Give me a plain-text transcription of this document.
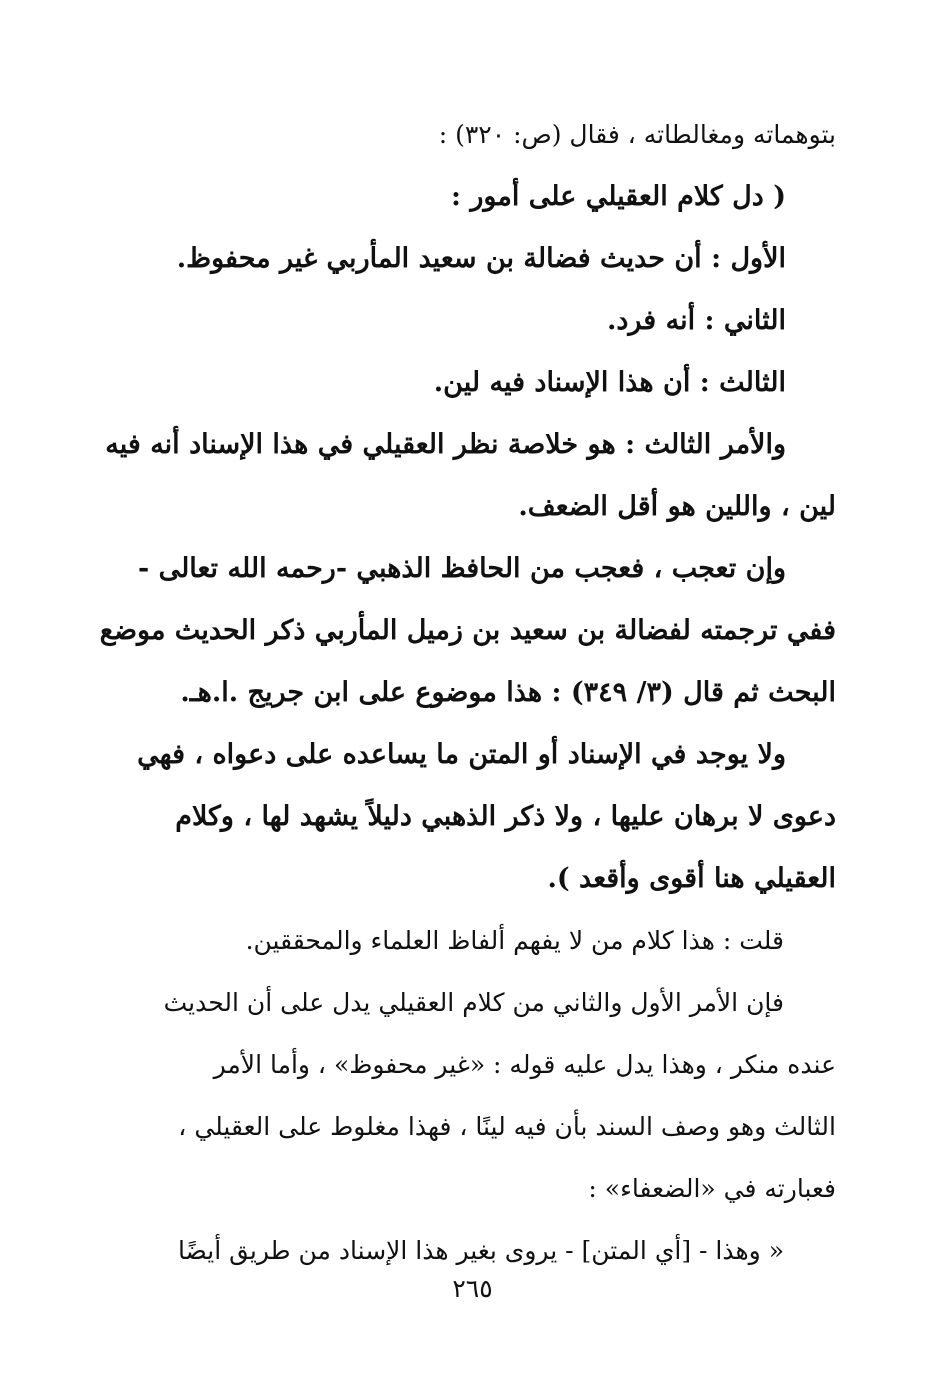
بتوهماته ومغالطاته ، فقال (ص: ٣٢٠) :
( دل كلام العقيلي على أمور :
الأول : أن حديث فضالة بن سعيد المأربي غير محفوظ.
الثاني : أنه فرد.
الثالث : أن هذا الإسناد فيه لين.
والأمر الثالث : هو خلاصة نظر العقيلي في هذا الإسناد أنه فيه
لين ، واللين هو أقل الضعف.
وإن تعجب ، فعجب من الحافظ الذهبي -رحمه الله تعالى -
ففي ترجمته لفضالة بن سعيد بن زميل المأربي ذكر الحديث موضع
البحث ثم قال (٣/ ٣٤٩) : هذا موضوع على ابن جريج .ا.هـ.
ولا يوجد في الإسناد أو المتن ما يساعده على دعواه ، فهي
دعوى لا برهان عليها ، ولا ذكر الذهبي دليلاً يشهد لها ، وكلام
العقيلي هنا أقوى وأقعد ).
قلت : هذا كلام من لا يفهم ألفاظ العلماء والمحققين.
فإن الأمر الأول والثاني من كلام العقيلي يدل على أن الحديث
عنده منكر ، وهذا يدل عليه قوله : «غير محفوظ» ، وأما الأمر
الثالث وهو وصف السند بأن فيه لينًا ، فهذا مغلوط على العقيلي ،
فعبارته في «الضعفاء» :
« وهذا - [أي المتن] - يروى بغير هذا الإسناد من طريق أيضًا
٢٦٥
